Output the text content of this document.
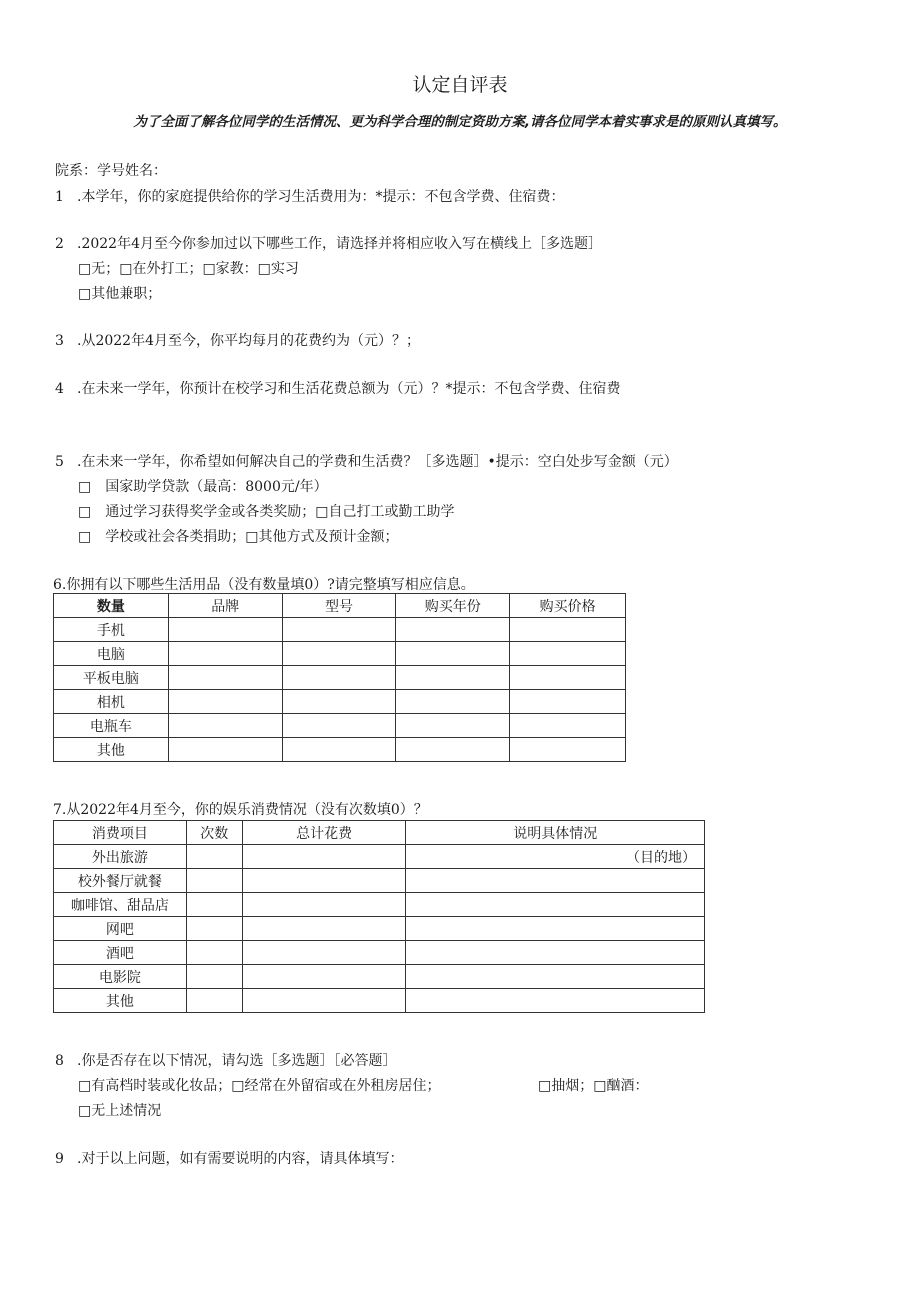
认定自评表
为了全面了解各位同学的生活情况、更为科学合理的制定资助方案,请各位同学本着实事求是的原则认真填写。
院系：学号姓名：
1 .本学年，你的家庭提供给你的学习生活费用为：*提示：不包含学费、住宿费：
2 .2022年4月至今你参加过以下哪些工作，请选择并将相应收入写在横线上［多选题］
□无；□在外打工；□家教：□实习
□其他兼职；
3 .从2022年4月至今，你平均每月的花费约为（元）？；
4 .在未来一学年，你预计在校学习和生活花费总额为（元）？*提示：不包含学费、住宿费
5 .在未来一学年，你希望如何解决自己的学费和生活费？［多选题］•提示：空白处步写金额（元）
□　国家助学贷款（最高：8000元/年）
□　通过学习获得奖学金或各类奖励；□自己打工或勤工助学
□　学校或社会各类捐助；□其他方式及预计金额；
6.你拥有以下哪些生活用品（没有数量填0）?请完整填写相应信息。
数量	品牌	型号	购买年份	购买价格
手机				
电脑				
平板电脑				
相机				
电瓶车				
其他				
7.从2022年4月至今，你的娱乐消费情况（没有次数填0）？
消费项目	次数	总计花费	说明具体情况
外出旅游			（目的地）
校外餐厅就餐			
咖啡馆、甜品店			
网吧			
酒吧			
电影院			
其他			
8 .你是否存在以下情况，请勾选［多选题］［必答题］
□有高档时装或化妆品；□经常在外留宿或在外租房居住；	□抽烟；□酗酒：
□无上述情况
9 .对于以上问题，如有需要说明的内容，请具体填写：
